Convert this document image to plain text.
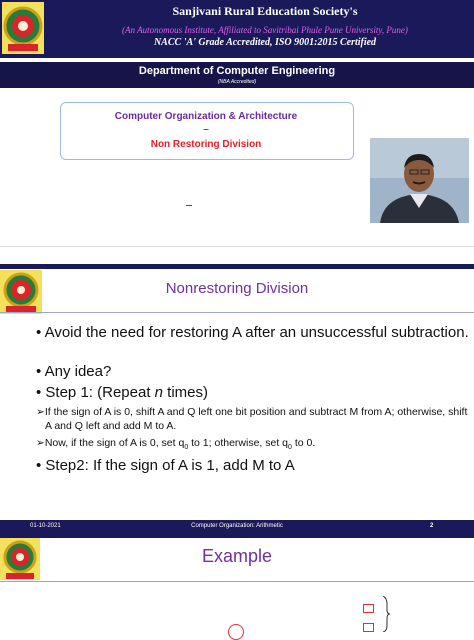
Sanjivani Rural Education Society's
(An Autonomous Institute, Affiliated to Savitribai Phule Pune University, Pune)
NACC 'A' Grade Accredited, ISO 9001:2015 Certified
Department of Computer Engineering
(NBA Accredited)
Computer Organization & Architecture
–
Non Restoring Division
Nonrestoring Division
• Avoid the need for restoring A after an unsuccessful subtraction.
• Any idea?
• Step 1: (Repeat n times)
➢If the sign of A is 0, shift A and Q left one bit position and subtract M from A; otherwise, shift A and Q left and add M to A.
➢Now, if the sign of A is 0, set $q_0$ to 1; otherwise, set $q_0$ to 0.
• Step2: If the sign of A is 1, add M to A
01-10-2021	Computer Organization: Arithmetic	2
Example
